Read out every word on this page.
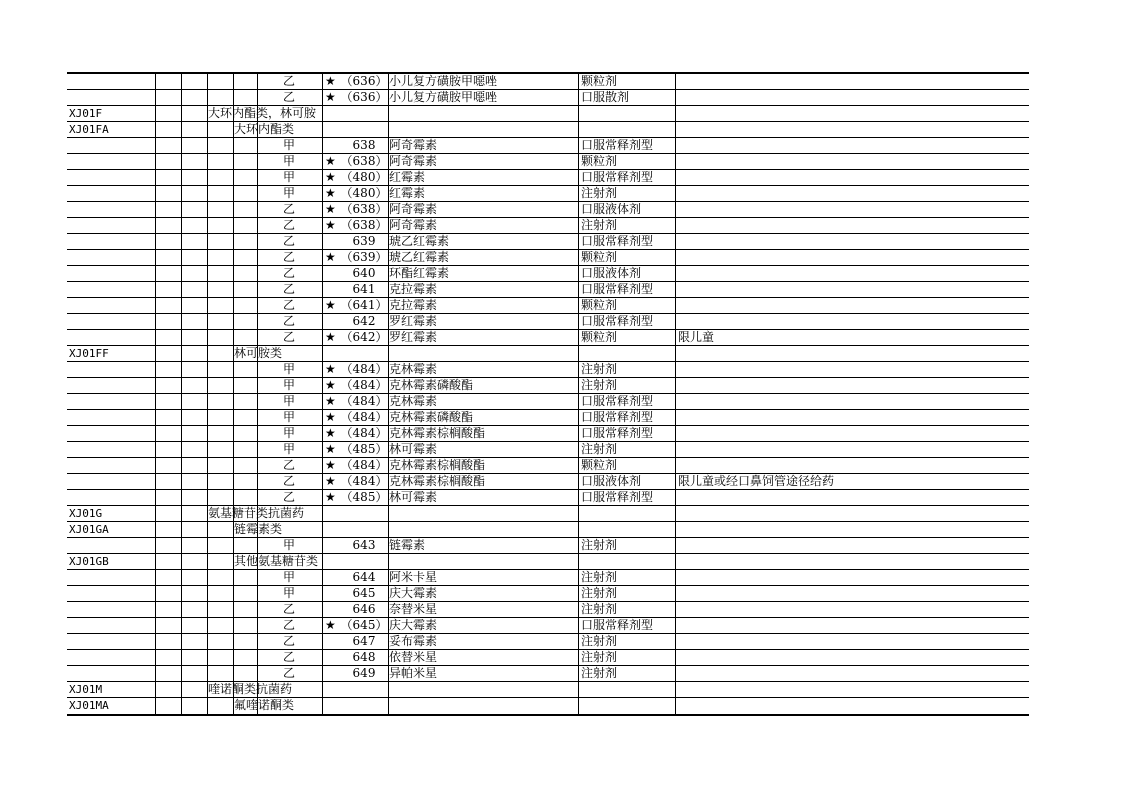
乙	★ （636） 小儿复方磺胺甲噁唑	颗粒剂
乙	★ （636） 小儿复方磺胺甲噁唑	口服散剂
XJ01F	大环内酯类，林可胺
XJ01FA	大环内酯类
甲	638	阿奇霉素	口服常释剂型
甲	★ （638） 阿奇霉素	颗粒剂
甲	★ （480） 红霉素	口服常释剂型
甲	★ （480） 红霉素	注射剂
乙	★ （638） 阿奇霉素	口服液体剂
乙	★ （638） 阿奇霉素	注射剂
乙	639	琥乙红霉素	口服常释剂型
乙	★ （639） 琥乙红霉素	颗粒剂
乙	640	环酯红霉素	口服液体剂
乙	641	克拉霉素	口服常释剂型
乙	★ （641） 克拉霉素	颗粒剂
乙	642	罗红霉素	口服常释剂型
乙	★ （642） 罗红霉素	颗粒剂	限儿童
XJ01FF	林可胺类
甲	★ （484） 克林霉素	注射剂
甲	★ （484） 克林霉素磷酸酯	注射剂
甲	★ （484） 克林霉素	口服常释剂型
甲	★ （484） 克林霉素磷酸酯	口服常释剂型
甲	★ （484） 克林霉素棕榈酸酯	口服常释剂型
甲	★ （485） 林可霉素	注射剂
乙	★ （484） 克林霉素棕榈酸酯	颗粒剂
乙	★ （484） 克林霉素棕榈酸酯	口服液体剂	限儿童或经口鼻饲管途径给药
乙	★ （485） 林可霉素	口服常释剂型
XJ01G	氨基糖苷类抗菌药
XJ01GA	链霉素类
甲	643	链霉素	注射剂
XJ01GB	其他氨基糖苷类
甲	644	阿米卡星	注射剂
甲	645	庆大霉素	注射剂
乙	646	奈替米星	注射剂
乙	★ （645） 庆大霉素	口服常释剂型
乙	647	妥布霉素	注射剂
乙	648	依替米星	注射剂
乙	649	异帕米星	注射剂
XJ01M	喹诺酮类抗菌药
XJ01MA	氟喹诺酮类
